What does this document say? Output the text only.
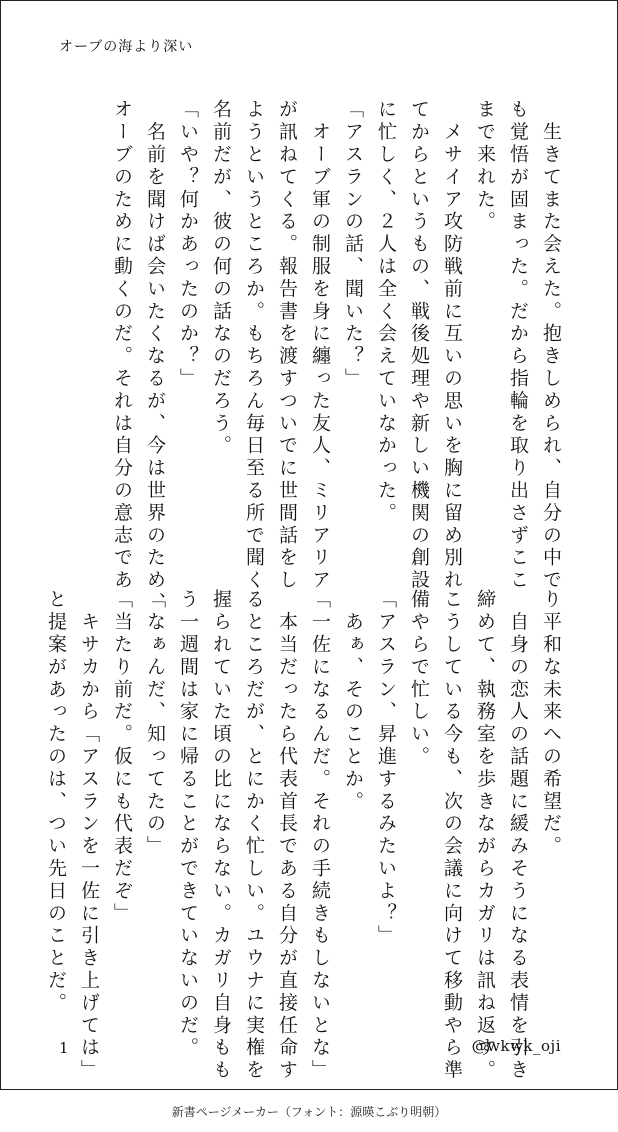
オーブの海より深い
　生きてまた会えた。抱きしめられ、自分の中で
も覚悟が固まった。だから指輪を取り出さずここ
まで来れた。
　メサイア攻防戦前に互いの思いを胸に留め別れ
てからというもの、戦後処理や新しい機関の創設
に忙しく、２人は全く会えていなかった。
「アスランの話、聞いた？」
　オーブ軍の制服を身に纏った友人、ミリアリア
が訊ねてくる。報告書を渡すついでに世間話をし
ようというところか。もちろん毎日至る所で聞く
名前だが、彼の何の話なのだろう。
「いや？何かあったのか？」
　名前を聞けば会いたくなるが、今は世界のため、
オーブのために動くのだ。それは自分の意志であ
り平和な未来への希望だ。
　自身の恋人の話題に緩みそうになる表情を引き
締めて、執務室を歩きながらカガリは訊ね返す。
こうしている今も、次の会議に向けて移動やら準
備やらで忙しい。
「アスラン、昇進するみたいよ？」
　あぁ、そのことか。
「一佐になるんだ。それの手続きもしないとな」
　本当だったら代表首長である自分が直接任命す
るところだが、とにかく忙しい。ユウナに実権を
握られていた頃の比にならない。カガリ自身もも
う一週間は家に帰ることができていないのだ。
「なぁんだ、知ってたの」
「当たり前だ。仮にも代表だぞ」
　キサカから「アスランを一佐に引き上げては」
と提案があったのは、つい先日のことだ。
1	@wkwk_oji
新書ページメーカー（フォント：源暎こぶり明朝）
